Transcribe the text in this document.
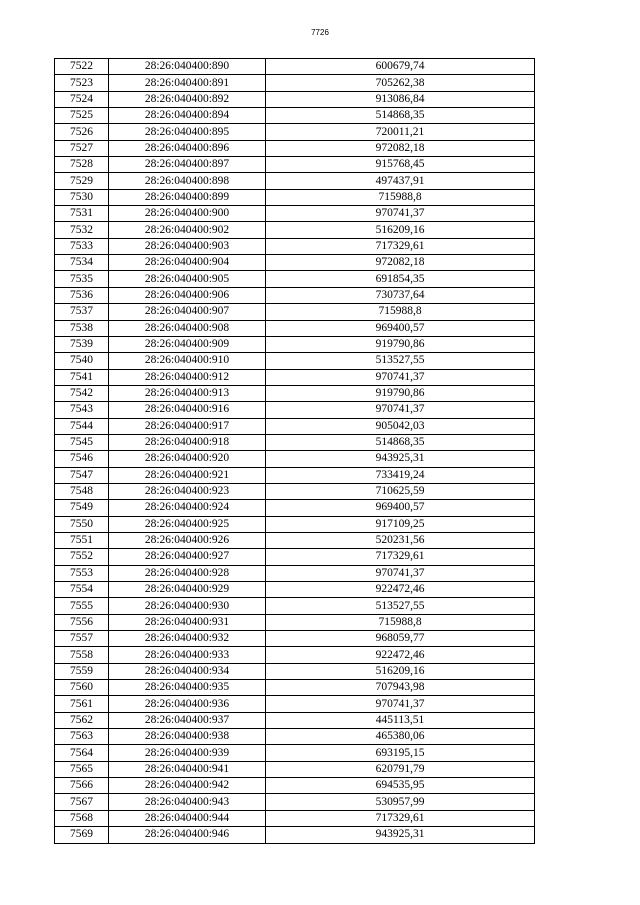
7726
7522	28:26:040400:890	600679,74
7523	28:26:040400:891	705262,38
7524	28:26:040400:892	913086,84
7525	28:26:040400:894	514868,35
7526	28:26:040400:895	720011,21
7527	28:26:040400:896	972082,18
7528	28:26:040400:897	915768,45
7529	28:26:040400:898	497437,91
7530	28:26:040400:899	715988,8
7531	28:26:040400:900	970741,37
7532	28:26:040400:902	516209,16
7533	28:26:040400:903	717329,61
7534	28:26:040400:904	972082,18
7535	28:26:040400:905	691854,35
7536	28:26:040400:906	730737,64
7537	28:26:040400:907	715988,8
7538	28:26:040400:908	969400,57
7539	28:26:040400:909	919790,86
7540	28:26:040400:910	513527,55
7541	28:26:040400:912	970741,37
7542	28:26:040400:913	919790,86
7543	28:26:040400:916	970741,37
7544	28:26:040400:917	905042,03
7545	28:26:040400:918	514868,35
7546	28:26:040400:920	943925,31
7547	28:26:040400:921	733419,24
7548	28:26:040400:923	710625,59
7549	28:26:040400:924	969400,57
7550	28:26:040400:925	917109,25
7551	28:26:040400:926	520231,56
7552	28:26:040400:927	717329,61
7553	28:26:040400:928	970741,37
7554	28:26:040400:929	922472,46
7555	28:26:040400:930	513527,55
7556	28:26:040400:931	715988,8
7557	28:26:040400:932	968059,77
7558	28:26:040400:933	922472,46
7559	28:26:040400:934	516209,16
7560	28:26:040400:935	707943,98
7561	28:26:040400:936	970741,37
7562	28:26:040400:937	445113,51
7563	28:26:040400:938	465380,06
7564	28:26:040400:939	693195,15
7565	28:26:040400:941	620791,79
7566	28:26:040400:942	694535,95
7567	28:26:040400:943	530957,99
7568	28:26:040400:944	717329,61
7569	28:26:040400:946	943925,31
